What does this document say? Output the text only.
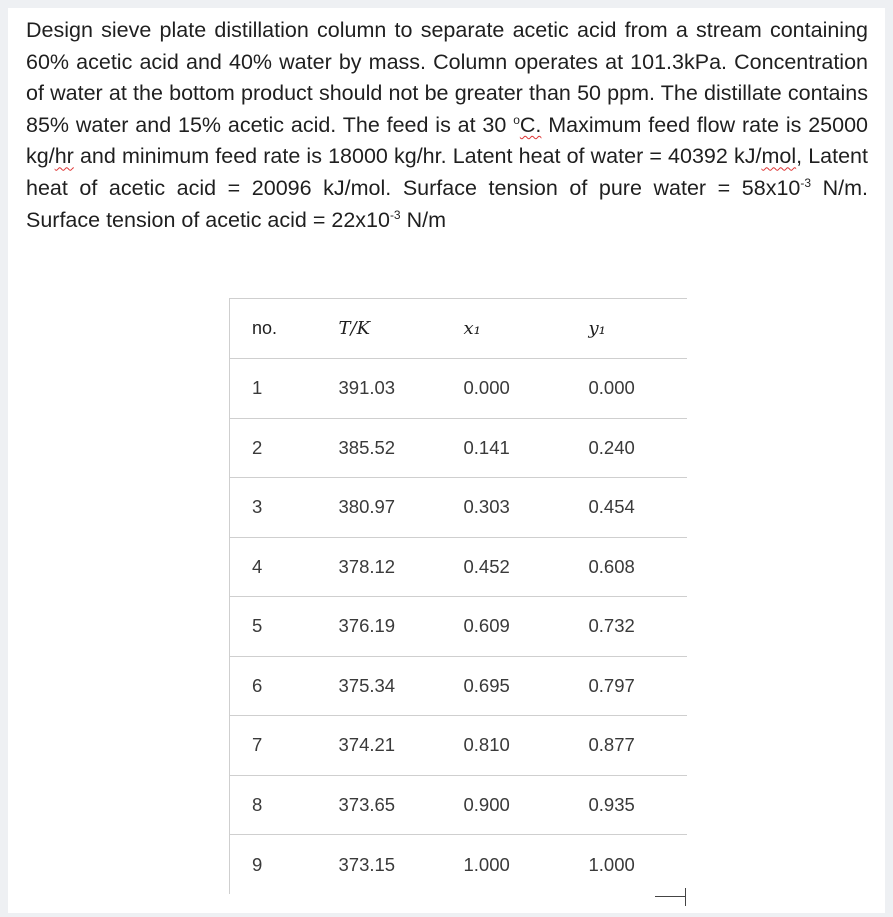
Design sieve plate distillation column to separate acetic acid from a stream containing 60% acetic acid and 40% water by mass. Column operates at 101.3kPa. Concentration of water at the bottom product should not be greater than 50 ppm. The distillate contains 85% water and 15% acetic acid. The feed is at 30 $^o$C. Maximum feed flow rate is 25000 kg/hr and minimum feed rate is 18000 kg/hr. Latent heat of water = 40392 kJ/mol, Latent heat of acetic acid = 20096 kJ/mol. Surface tension of pure water = $58x10^{-3}$ N/m. Surface tension of acetic acid = $22x10^{-3}$ N/m

no.	T/K	x₁	y₁
1	391.03	0.000	0.000
2	385.52	0.141	0.240
3	380.97	0.303	0.454
4	378.12	0.452	0.608
5	376.19	0.609	0.732
6	375.34	0.695	0.797
7	374.21	0.810	0.877
8	373.65	0.900	0.935
9	373.15	1.000	1.000
